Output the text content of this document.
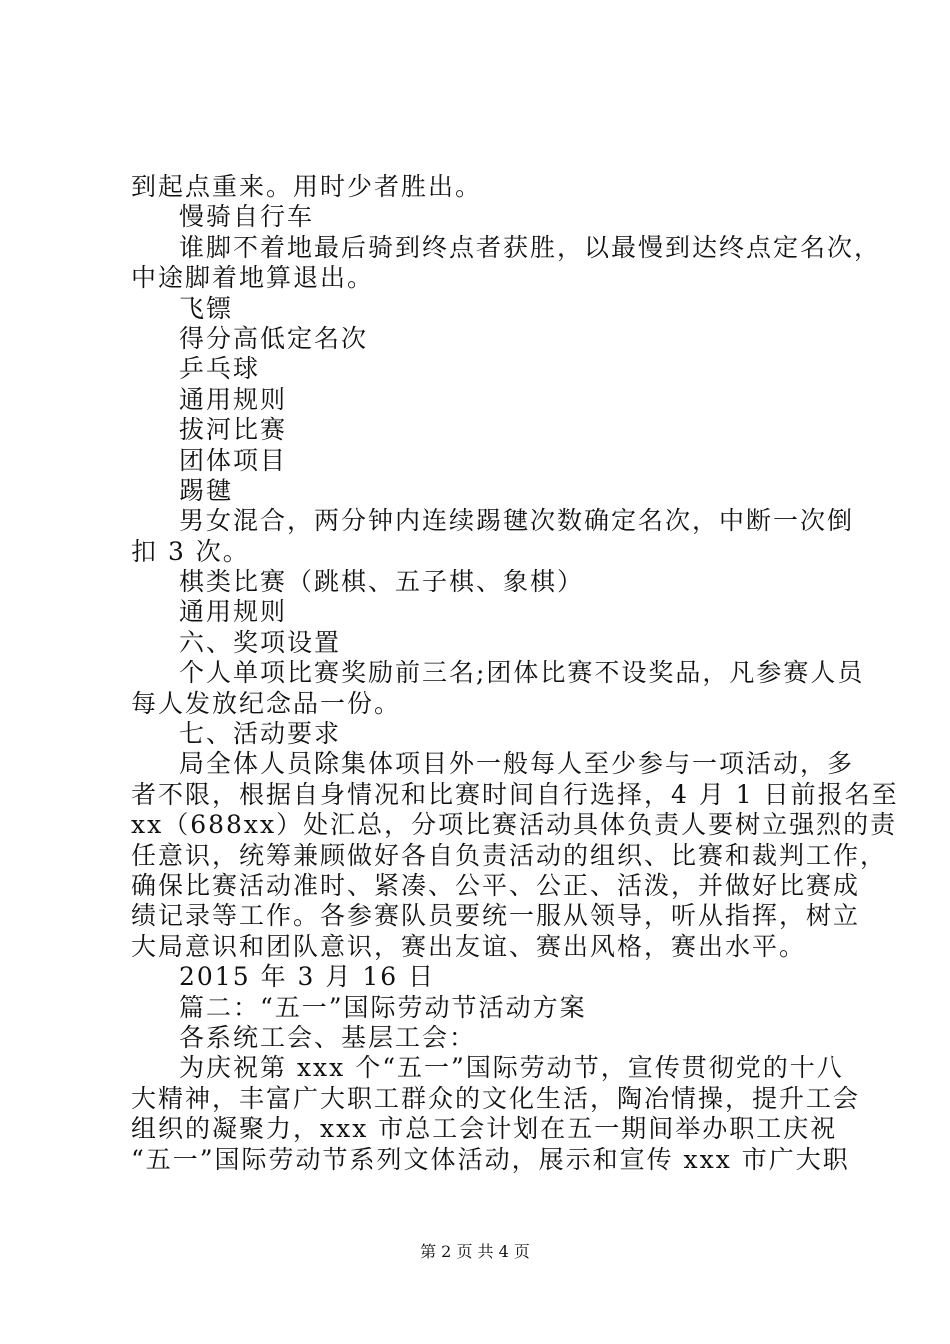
到起点重来。用时少者胜出。
慢骑自行车
谁脚不着地最后骑到终点者获胜，以最慢到达终点定名次，
中途脚着地算退出。
飞镖
得分高低定名次
乒乓球
通用规则
拔河比赛
团体项目
踢毽
男女混合，两分钟内连续踢毽次数确定名次，中断一次倒
扣 3 次。
棋类比赛（跳棋、五子棋、象棋）
通用规则
六、奖项设置
个人单项比赛奖励前三名;团体比赛不设奖品，凡参赛人员
每人发放纪念品一份。
七、活动要求
局全体人员除集体项目外一般每人至少参与一项活动，多
者不限，根据自身情况和比赛时间自行选择，4 月 1 日前报名至
xx（688xx）处汇总，分项比赛活动具体负责人要树立强烈的责
任意识，统筹兼顾做好各自负责活动的组织、比赛和裁判工作，
确保比赛活动准时、紧凑、公平、公正、活泼，并做好比赛成
绩记录等工作。各参赛队员要统一服从领导，听从指挥，树立
大局意识和团队意识，赛出友谊、赛出风格，赛出水平。
2015 年 3 月 16 日
篇二：“五一”国际劳动节活动方案
各系统工会、基层工会：
为庆祝第 xxx 个“五一”国际劳动节，宣传贯彻党的十八
大精神，丰富广大职工群众的文化生活，陶冶情操，提升工会
组织的凝聚力，xxx 市总工会计划在五一期间举办职工庆祝
“五一”国际劳动节系列文体活动，展示和宣传 xxx 市广大职
第 2 页 共 4 页
